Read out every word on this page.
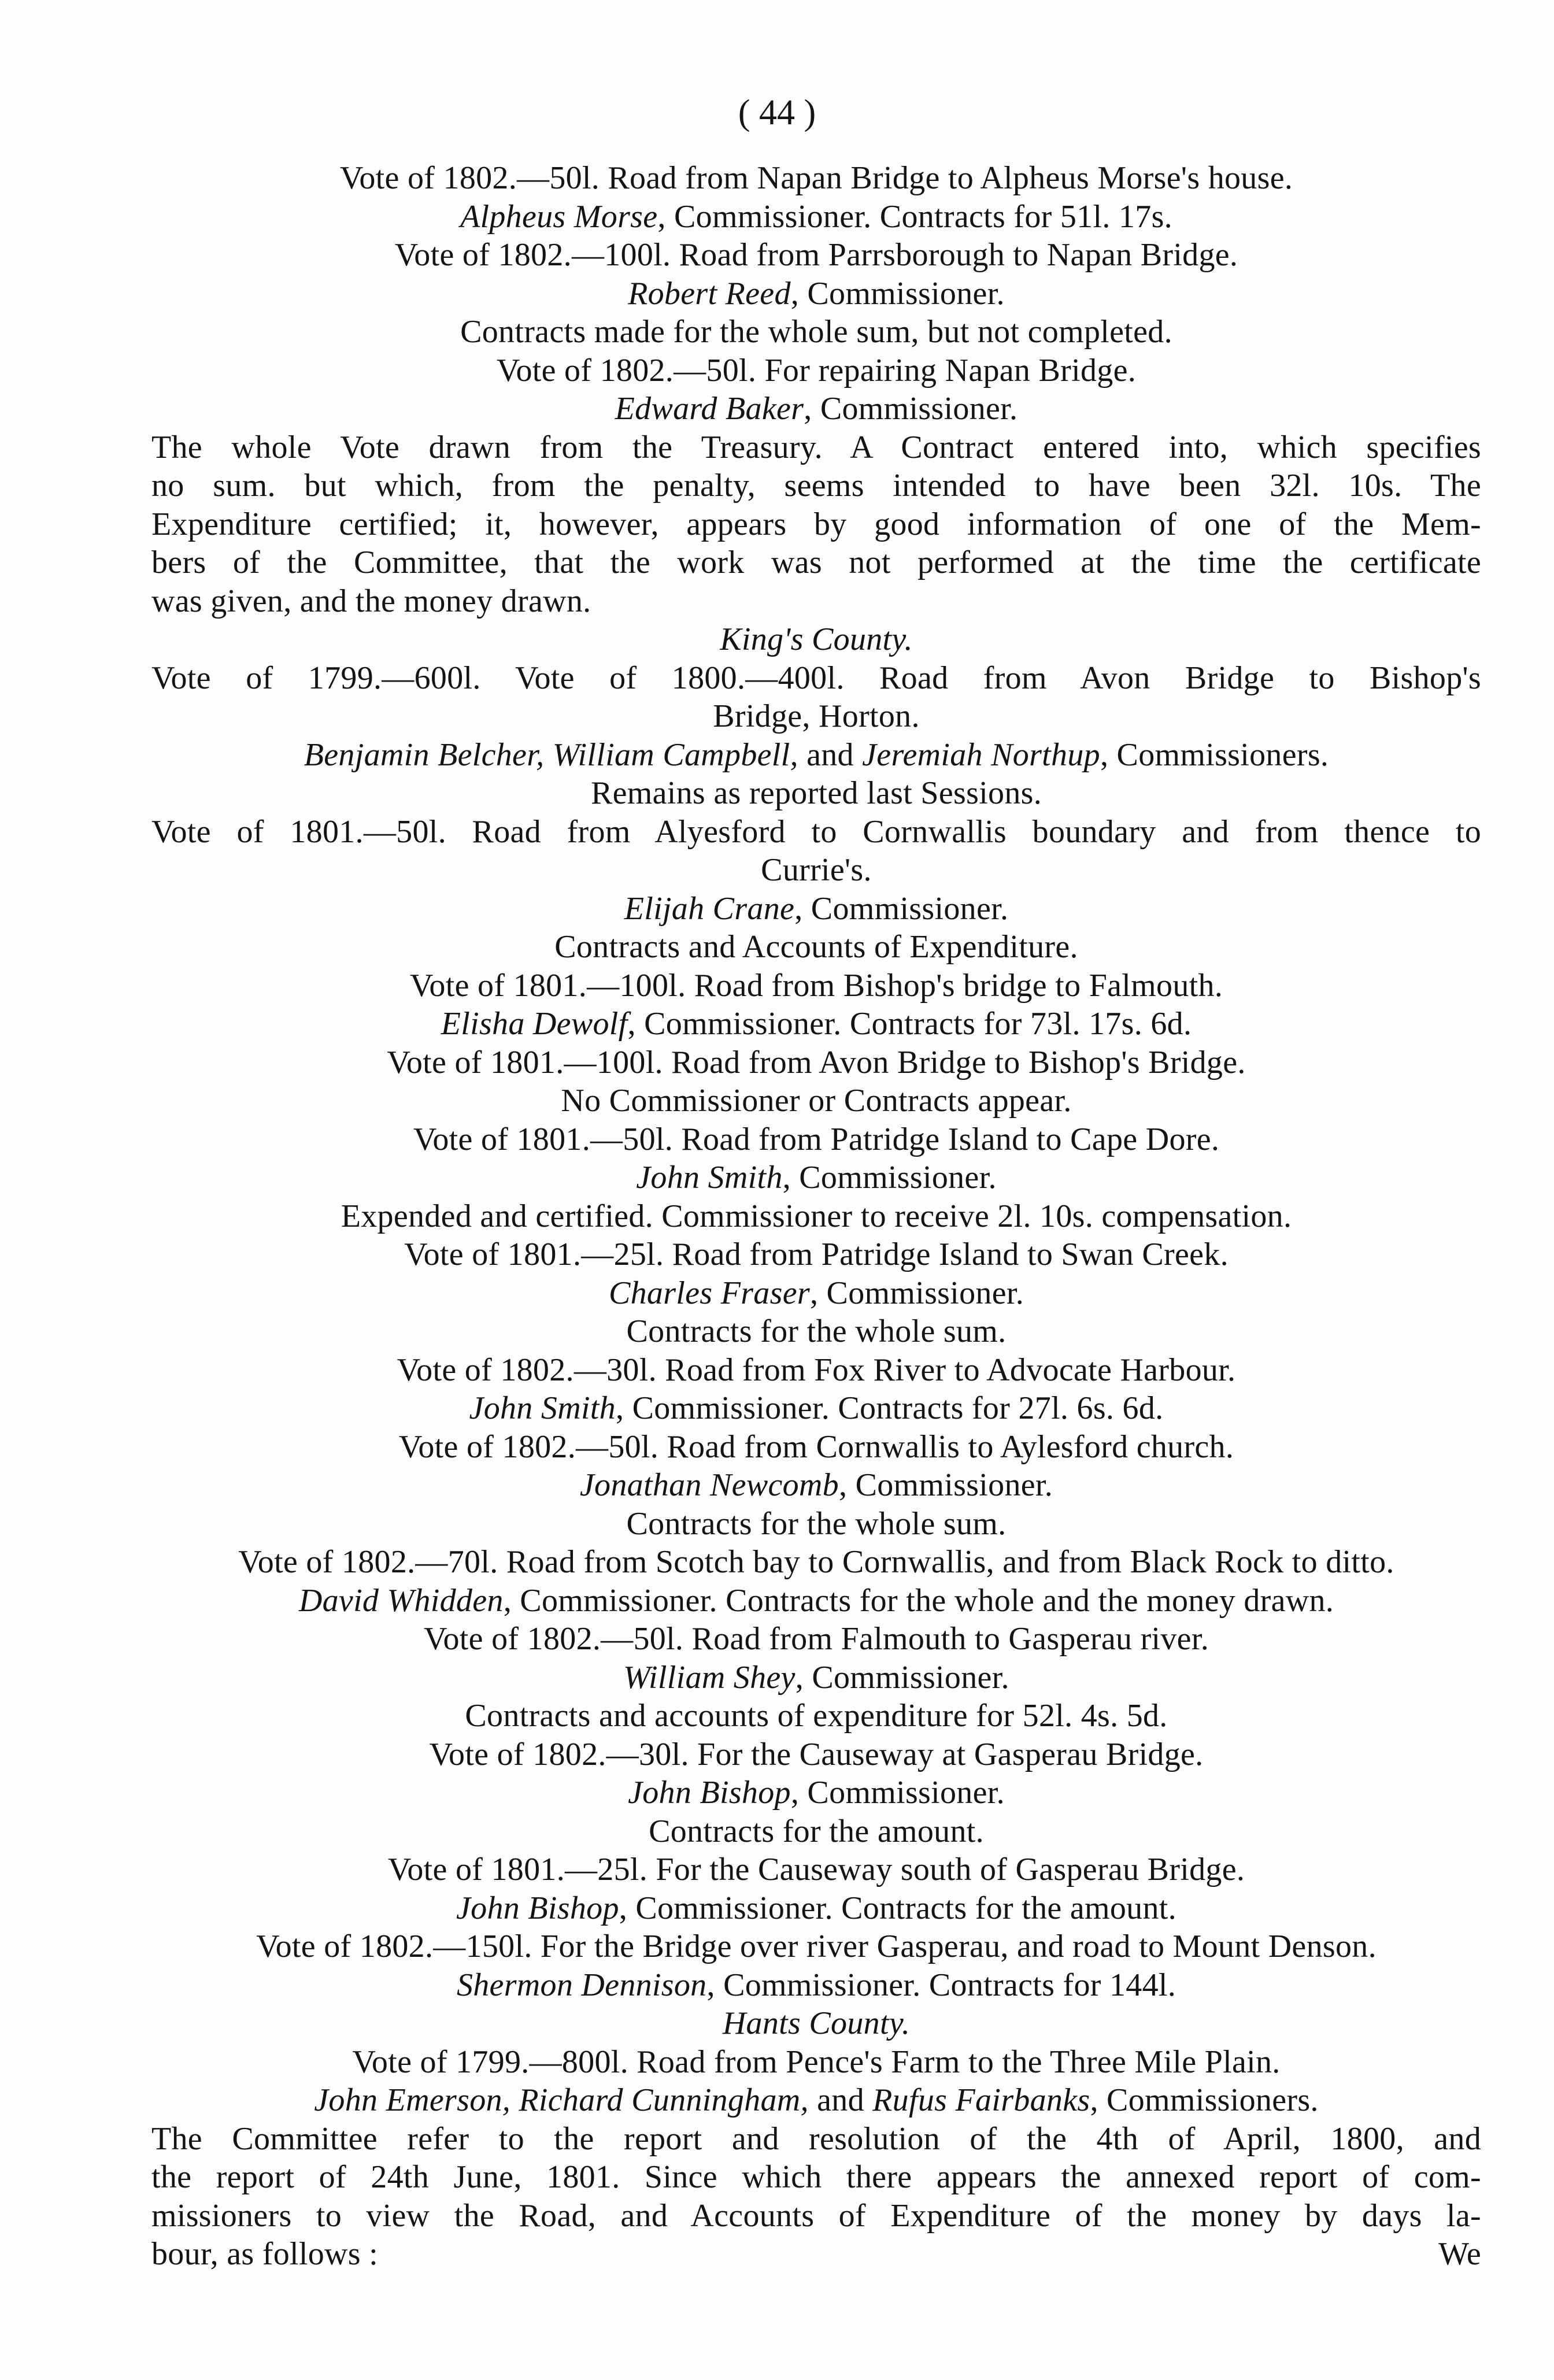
( 44 )
Vote of 1802.—50l. Road from Napan Bridge to Alpheus Morse's house.
Alpheus Morse, Commissioner. Contracts for 51l. 17s.
Vote of 1802.—100l. Road from Parrsborough to Napan Bridge.
Robert Reed, Commissioner.
Contracts made for the whole sum, but not completed.
Vote of 1802.—50l. For repairing Napan Bridge.
Edward Baker, Commissioner.
The whole Vote drawn from the Treasury. A Contract entered into, which specifies
no sum. but which, from the penalty, seems intended to have been 32l. 10s. The
Expenditure certified; it, however, appears by good information of one of the Mem-
bers of the Committee, that the work was not performed at the time the certificate
was given, and the money drawn.
King's County.
Vote of 1799.—600l. Vote of 1800.—400l. Road from Avon Bridge to Bishop's
Bridge, Horton.
Benjamin Belcher, William Campbell, and Jeremiah Northup, Commissioners.
Remains as reported last Sessions.
Vote of 1801.—50l. Road from Alyesford to Cornwallis boundary and from thence to
Currie's.
Elijah Crane, Commissioner.
Contracts and Accounts of Expenditure.
Vote of 1801.—100l. Road from Bishop's bridge to Falmouth.
Elisha Dewolf, Commissioner. Contracts for 73l. 17s. 6d.
Vote of 1801.—100l. Road from Avon Bridge to Bishop's Bridge.
No Commissioner or Contracts appear.
Vote of 1801.—50l. Road from Patridge Island to Cape Dore.
John Smith, Commissioner.
Expended and certified. Commissioner to receive 2l. 10s. compensation.
Vote of 1801.—25l. Road from Patridge Island to Swan Creek.
Charles Fraser, Commissioner.
Contracts for the whole sum.
Vote of 1802.—30l. Road from Fox River to Advocate Harbour.
John Smith, Commissioner. Contracts for 27l. 6s. 6d.
Vote of 1802.—50l. Road from Cornwallis to Aylesford church.
Jonathan Newcomb, Commissioner.
Contracts for the whole sum.
Vote of 1802.—70l. Road from Scotch bay to Cornwallis, and from Black Rock to ditto.
David Whidden, Commissioner. Contracts for the whole and the money drawn.
Vote of 1802.—50l. Road from Falmouth to Gasperau river.
William Shey, Commissioner.
Contracts and accounts of expenditure for 52l. 4s. 5d.
Vote of 1802.—30l. For the Causeway at Gasperau Bridge.
John Bishop, Commissioner.
Contracts for the amount.
Vote of 1801.—25l. For the Causeway south of Gasperau Bridge.
John Bishop, Commissioner. Contracts for the amount.
Vote of 1802.—150l. For the Bridge over river Gasperau, and road to Mount Denson.
Shermon Dennison, Commissioner. Contracts for 144l.
Hants County.
Vote of 1799.—800l. Road from Pence's Farm to the Three Mile Plain.
John Emerson, Richard Cunningham, and Rufus Fairbanks, Commissioners.
The Committee refer to the report and resolution of the 4th of April, 1800, and
the report of 24th June, 1801. Since which there appears the annexed report of com-
missioners to view the Road, and Accounts of Expenditure of the money by days la-
bour, as follows :	We
